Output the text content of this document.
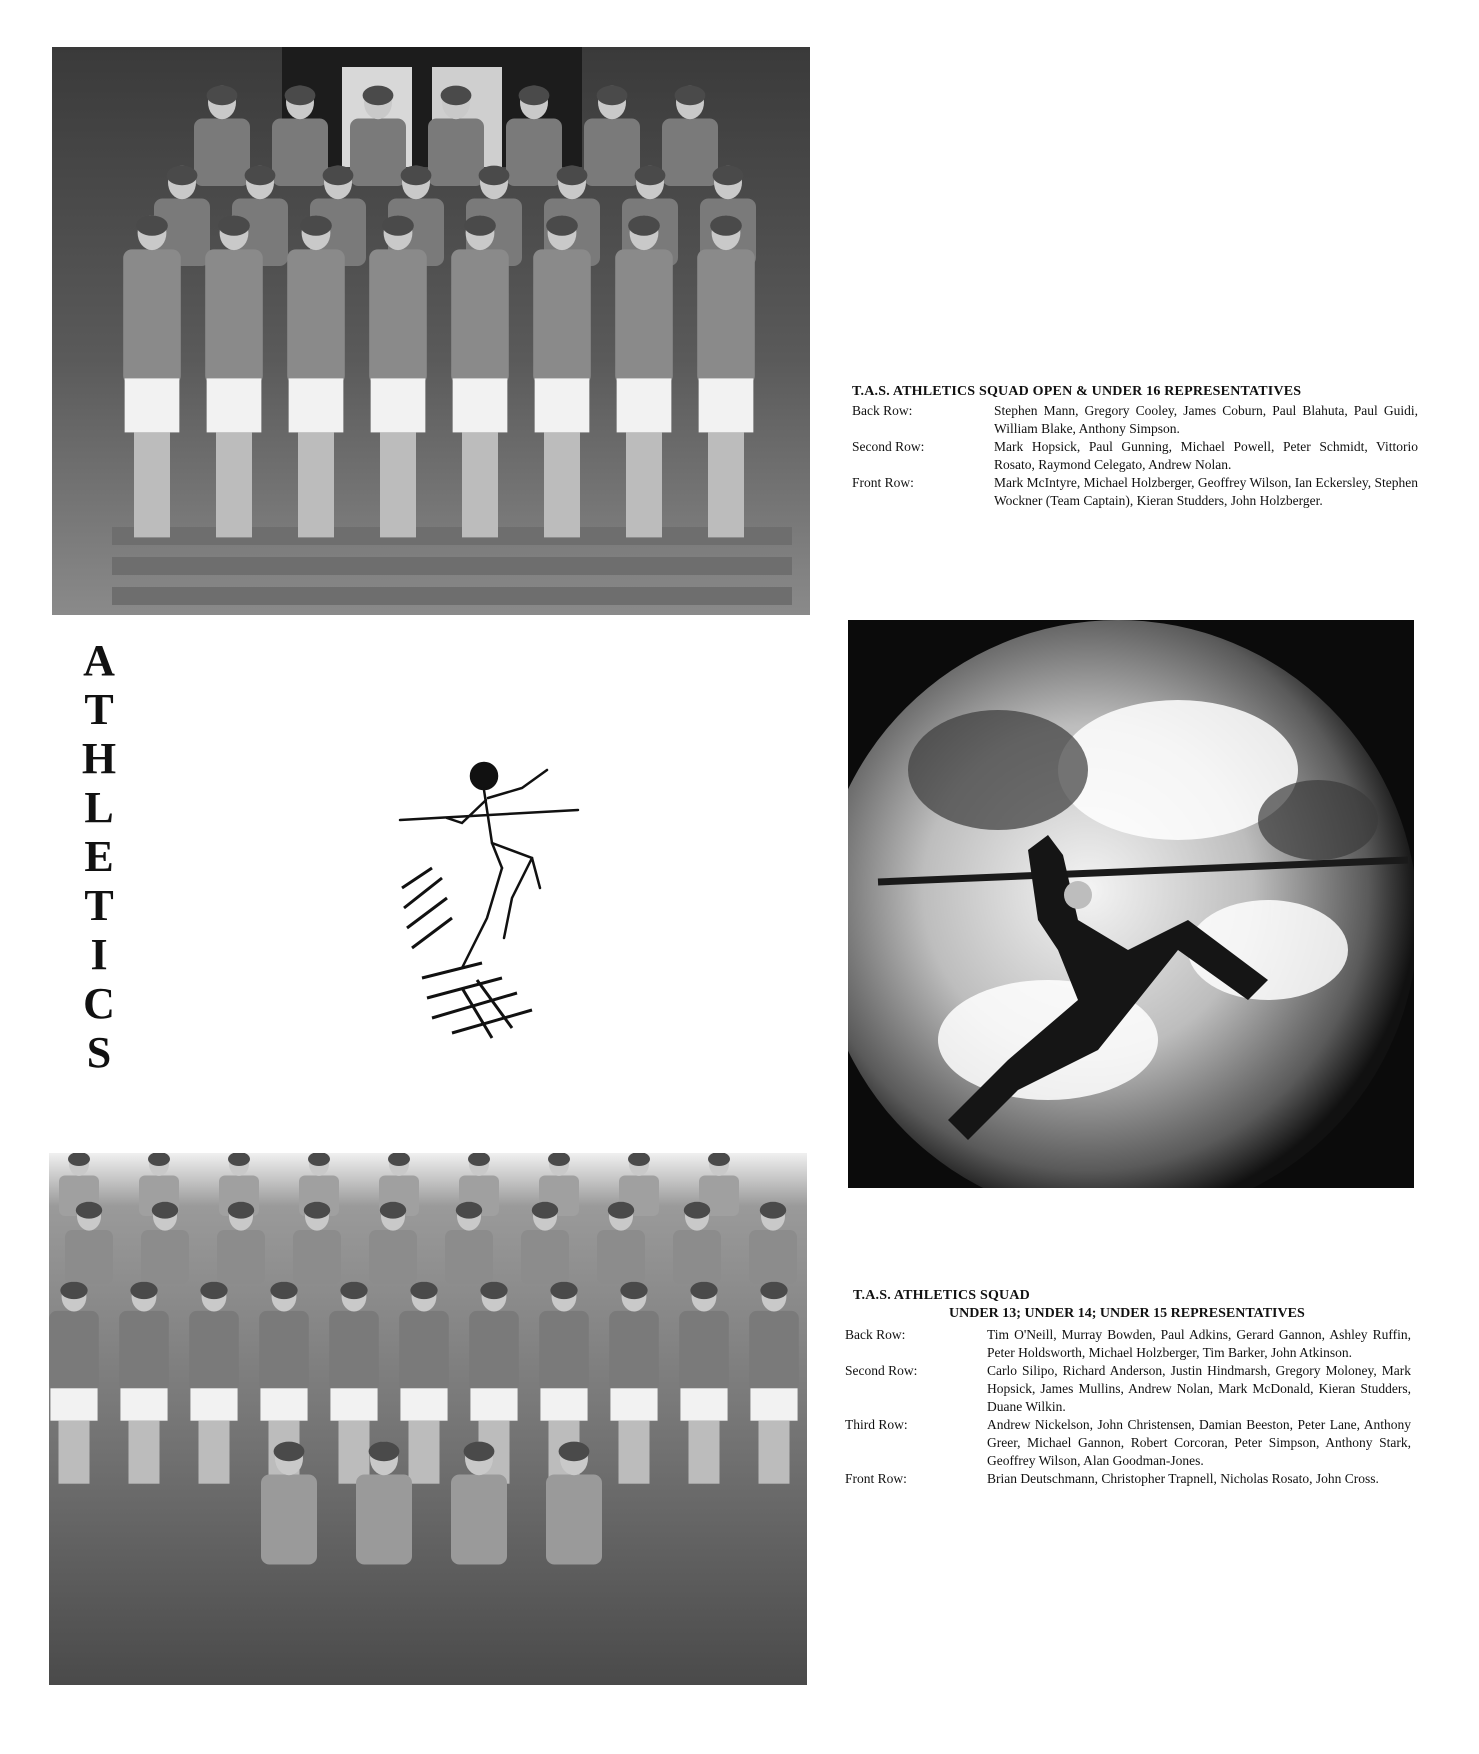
A
T
H
L
E
T
I
C
S
T.A.S. ATHLETICS SQUAD OPEN & UNDER 16 REPRESENTATIVES
Back Row:	Stephen Mann, Gregory Cooley, James Coburn, Paul Blahuta, Paul Guidi, William Blake, Anthony Simpson.
Second Row:	Mark Hopsick, Paul Gunning, Michael Powell, Peter Schmidt, Vittorio Rosato, Raymond Celegato, Andrew Nolan.
Front Row:	Mark McIntyre, Michael Holzberger, Geoffrey Wilson, Ian Eckersley, Stephen Wockner (Team Captain), Kieran Studders, John Holzberger.
T.A.S. ATHLETICS SQUAD
UNDER 13; UNDER 14; UNDER 15 REPRESENTATIVES
Back Row:	Tim O'Neill, Murray Bowden, Paul Adkins, Gerard Gannon, Ashley Ruffin, Peter Holdsworth, Michael Holzberger, Tim Barker, John Atkinson.
Second Row:	Carlo Silipo, Richard Anderson, Justin Hindmarsh, Gregory Moloney, Mark Hopsick, James Mullins, Andrew Nolan, Mark McDonald, Kieran Studders, Duane Wilkin.
Third Row:	Andrew Nickelson, John Christensen, Damian Beeston, Peter Lane, Anthony Greer, Michael Gannon, Robert Corcoran, Peter Simpson, Anthony Stark, Geoffrey Wilson, Alan Goodman-Jones.
Front Row:	Brian Deutschmann, Christopher Trapnell, Nicholas Rosato, John Cross.
